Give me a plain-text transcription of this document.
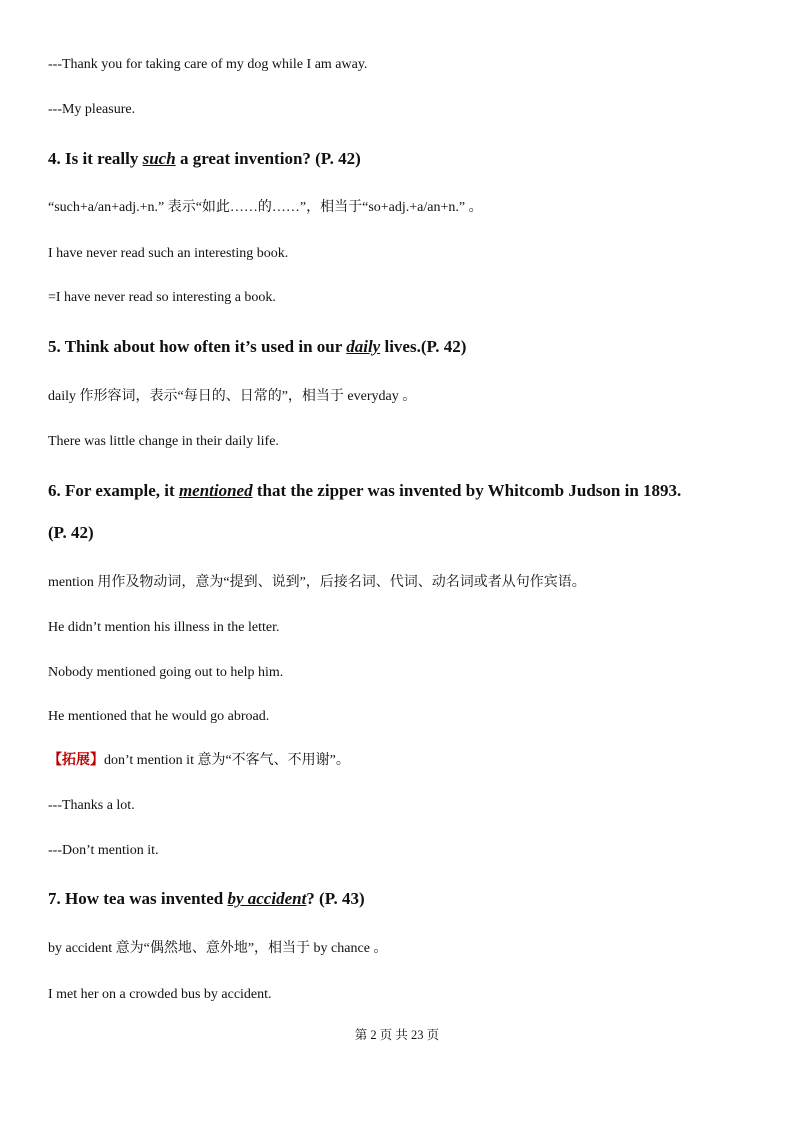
---Thank you for taking care of my dog while I am away.
---My pleasure.
4. Is it really such a great invention? (P. 42)
“such+a/an+adj.+n.” 表示“如此……的……”，相当于“so+adj.+a/an+n.” 。
I have never read such an interesting book.
=I have never read so interesting a book.
5. Think about how often it’s used in our daily lives.(P. 42)
daily 作形容词，表示“每日的、日常的”，相当于 everyday 。
There was little change in their daily life.
6. For example, it mentioned that the zipper was invented by Whitcomb Judson in 1893.
(P. 42)
mention 用作及物动词，意为“提到、说到”，后接名词、代词、动名词或者从句作宾语。
He didn’t mention his illness in the letter.
Nobody mentioned going out to help him.
He mentioned that he would go abroad.
【拓展】don’t mention it 意为“不客气、不用谢”。
---Thanks a lot.
---Don’t mention it.
7. How tea was invented by accident? (P. 43)
by accident 意为“偶然地、意外地”，相当于 by chance 。
I met her on a crowded bus by accident.
第 2 页 共 23 页
